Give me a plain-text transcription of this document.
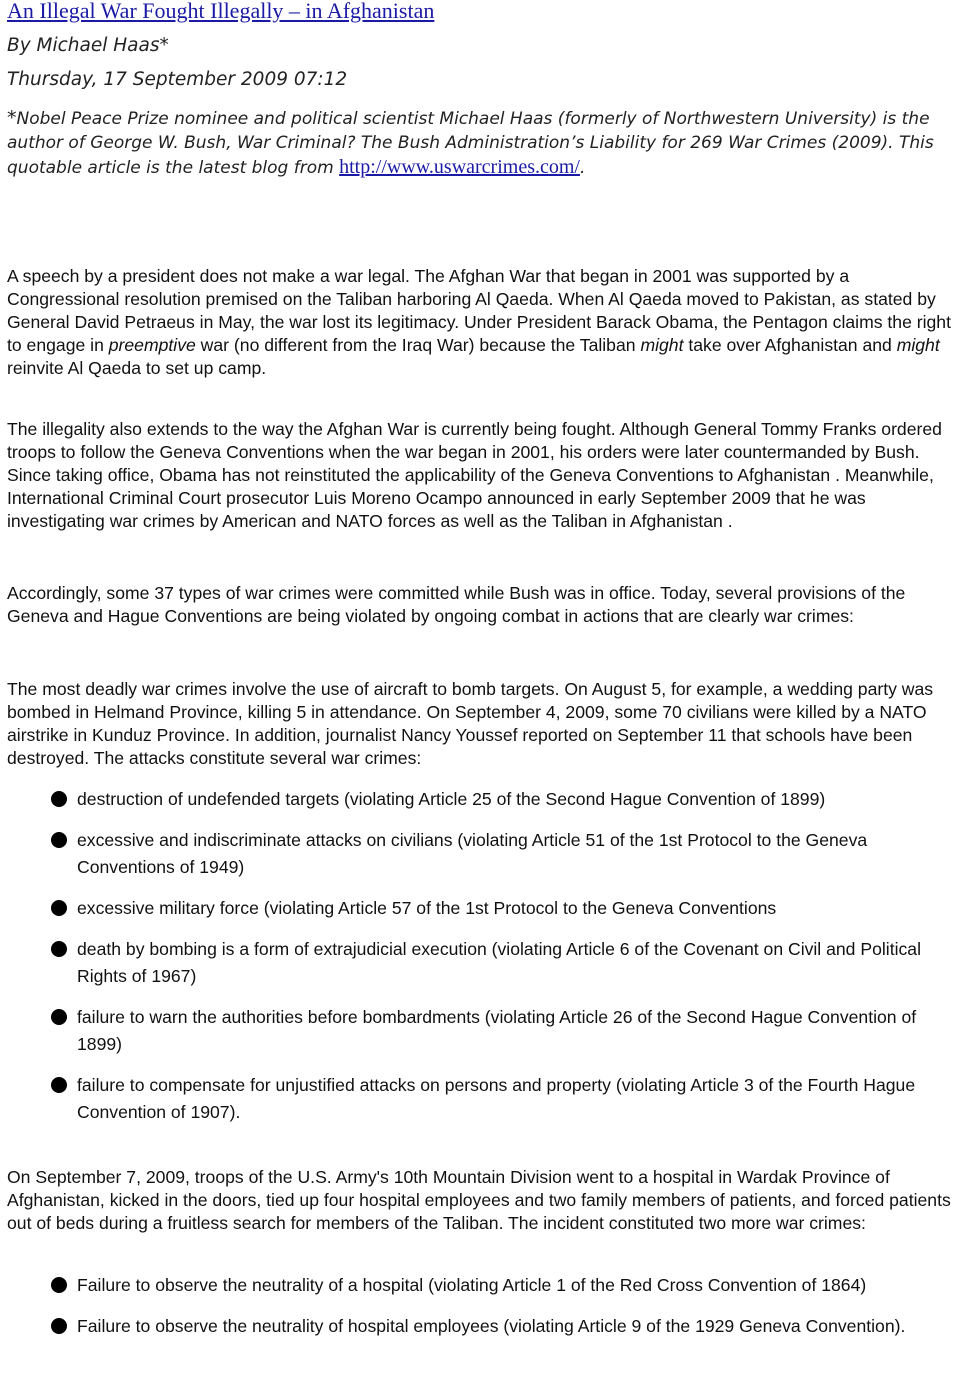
An Illegal War Fought Illegally – in Afghanistan
By Michael Haas*
Thursday, 17 September 2009 07:12
*Nobel Peace Prize nominee and political scientist Michael Haas (formerly of Northwestern University) is the author of George W. Bush, War Criminal? The Bush Administration’s Liability for 269 War Crimes (2009). This quotable article is the latest blog from http://www.uswarcrimes.com/.
A speech by a president does not make a war legal. The Afghan War that began in 2001 was supported by a Congressional resolution premised on the Taliban harboring Al Qaeda. When Al Qaeda moved to Pakistan, as stated by General David Petraeus in May, the war lost its legitimacy. Under President Barack Obama, the Pentagon claims the right to engage in preemptive war (no different from the Iraq War) because the Taliban might take over Afghanistan and might reinvite Al Qaeda to set up camp.
The illegality also extends to the way the Afghan War is currently being fought. Although General Tommy Franks ordered troops to follow the Geneva Conventions when the war began in 2001, his orders were later countermanded by Bush. Since taking office, Obama has not reinstituted the applicability of the Geneva Conventions to Afghanistan . Meanwhile, International Criminal Court prosecutor Luis Moreno Ocampo announced in early September 2009 that he was investigating war crimes by American and NATO forces as well as the Taliban in Afghanistan .
Accordingly, some 37 types of war crimes were committed while Bush was in office. Today, several provisions of the Geneva and Hague Conventions are being violated by ongoing combat in actions that are clearly war crimes:
The most deadly war crimes involve the use of aircraft to bomb targets. On August 5, for example, a wedding party was bombed in Helmand Province, killing 5 in attendance. On September 4, 2009, some 70 civilians were killed by a NATO airstrike in Kunduz Province. In addition, journalist Nancy Youssef reported on September 11 that schools have been destroyed. The attacks constitute several war crimes:
destruction of undefended targets (violating Article 25 of the Second Hague Convention of 1899)
excessive and indiscriminate attacks on civilians (violating Article 51 of the 1st Protocol to the Geneva Conventions of 1949)
excessive military force (violating Article 57 of the 1st Protocol to the Geneva Conventions
death by bombing is a form of extrajudicial execution (violating Article 6 of the Covenant on Civil and Political Rights of 1967)
failure to warn the authorities before bombardments (violating Article 26 of the Second Hague Convention of 1899)
failure to compensate for unjustified attacks on persons and property (violating Article 3 of the Fourth Hague Convention of 1907).
On September 7, 2009, troops of the U.S. Army's 10th Mountain Division went to a hospital in Wardak Province of Afghanistan, kicked in the doors, tied up four hospital employees and two family members of patients, and forced patients out of beds during a fruitless search for members of the Taliban. The incident constituted two more war crimes:
Failure to observe the neutrality of a hospital (violating Article 1 of the Red Cross Convention of 1864)
Failure to observe the neutrality of hospital employees (violating Article 9 of the 1929 Geneva Convention).
